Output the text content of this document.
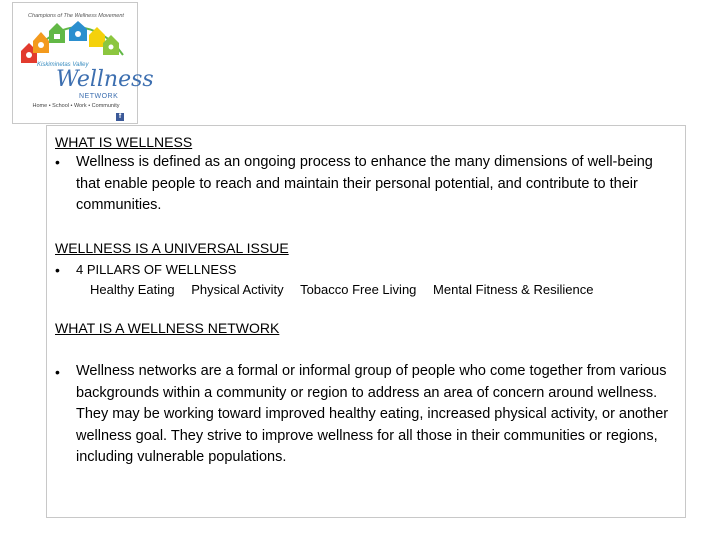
Champions of The Wellness Movement
Kiskiminetas Valley
Wellness
NETWORK
Home • School • Work • Community
f
WHAT IS WELLNESS
• Wellness is defined as an ongoing process to enhance the many dimensions of well-being that enable people to reach and maintain their personal potential, and contribute to their communities.

WELLNESS IS A UNIVERSAL ISSUE
• 4 PILLARS OF WELLNESS
Healthy Eating Physical Activity Tobacco Free Living Mental Fitness & Resilience
WHAT IS A WELLNESS NETWORK
• Wellness networks are a formal or informal group of people who come together from various backgrounds within a community or region to address an area of concern around wellness. They may be working toward improved healthy eating, increased physical activity, or another wellness goal. They strive to improve wellness for all those in their communities or regions, including vulnerable populations.
